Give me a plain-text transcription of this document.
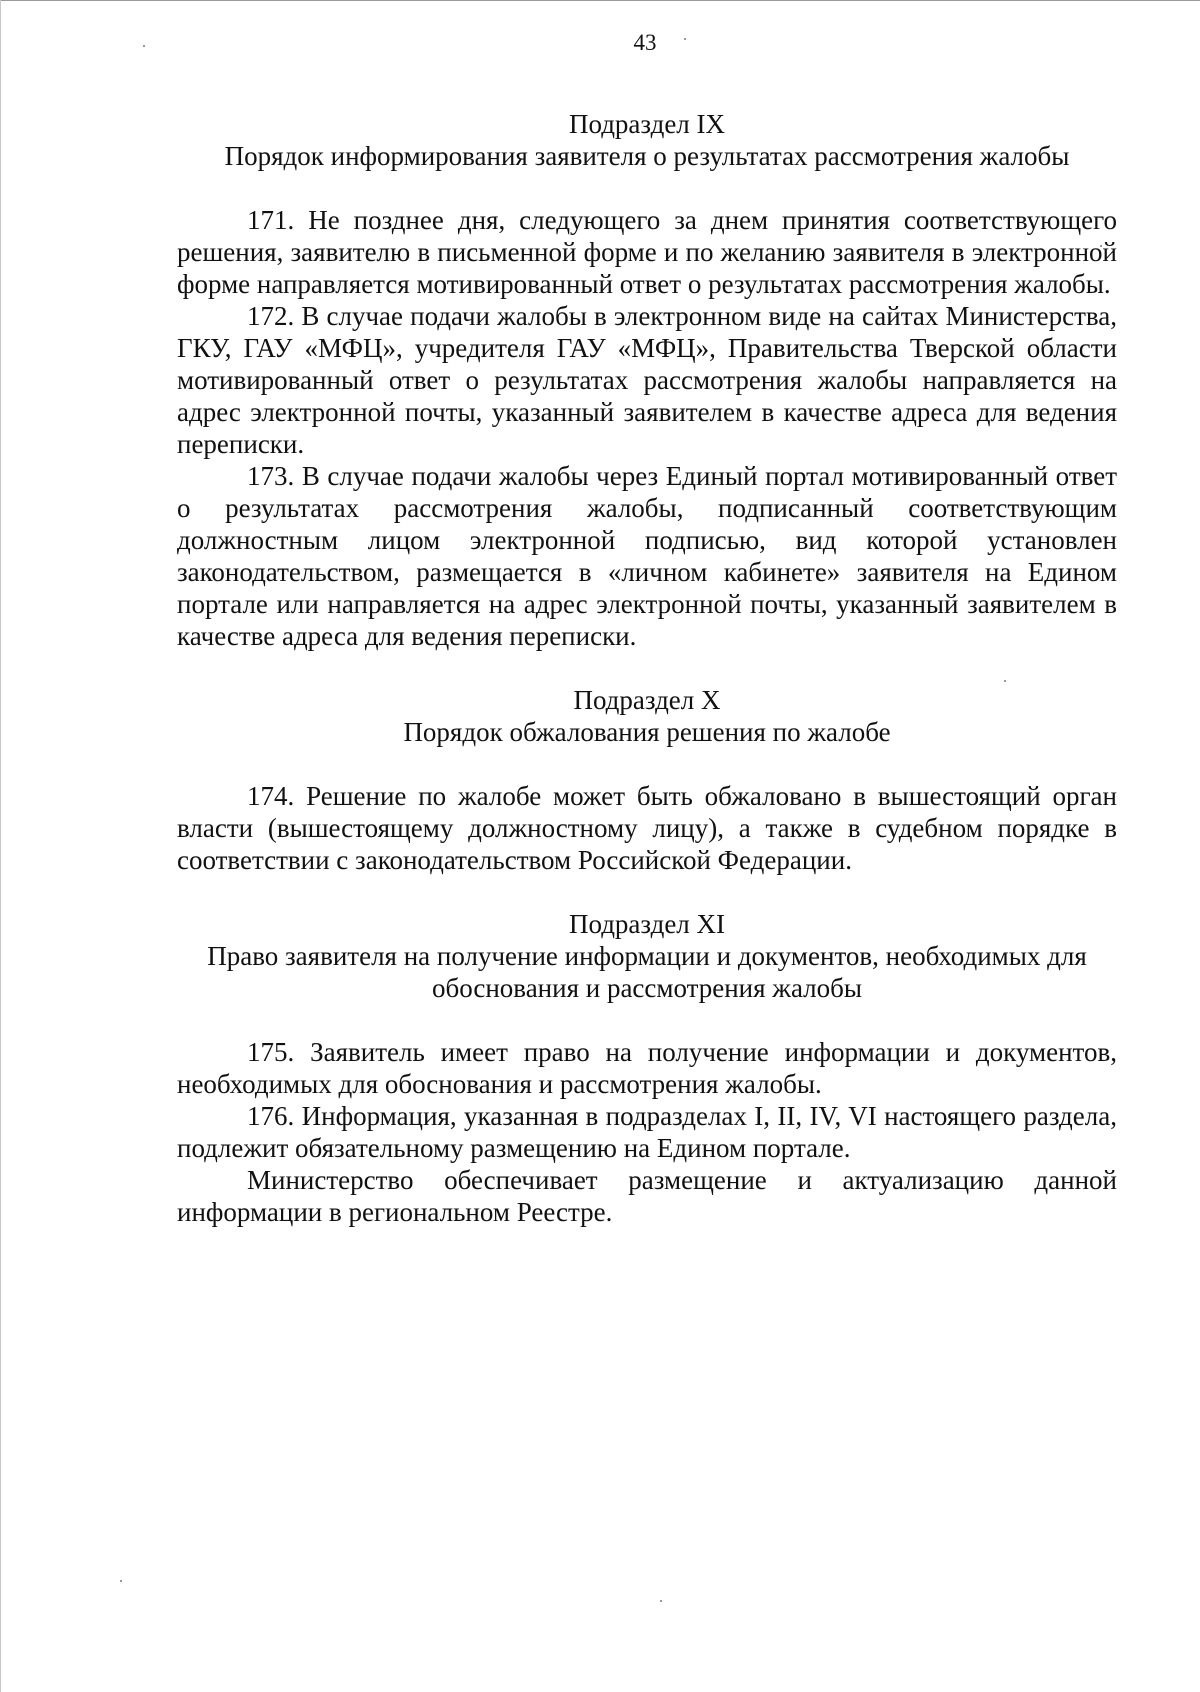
43
Подраздел IX
Порядок информирования заявителя о результатах рассмотрения жалобы

171. Не позднее дня, следующего за днем принятия соответствующего решения, заявителю в письменной форме и по желанию заявителя в электронной форме направляется мотивированный ответ о результатах рассмотрения жалобы.

172. В случае подачи жалобы в электронном виде на сайтах Министерства, ГКУ, ГАУ «МФЦ», учредителя ГАУ «МФЦ», Правительства Тверской области мотивированный ответ о результатах рассмотрения жалобы направляется на адрес электронной почты, указанный заявителем в качестве адреса для ведения переписки.

173. В случае подачи жалобы через Единый портал мотивированный ответ о результатах рассмотрения жалобы, подписанный соответствующим должностным лицом электронной подписью, вид которой установлен законодательством, размещается в «личном кабинете» заявителя на Едином портале или направляется на адрес электронной почты, указанный заявителем в качестве адреса для ведения переписки.

Подраздел X
Порядок обжалования решения по жалобе

174. Решение по жалобе может быть обжаловано в вышестоящий орган власти (вышестоящему должностному лицу), а также в судебном порядке в соответствии с законодательством Российской Федерации.

Подраздел XI
Право заявителя на получение информации и документов, необходимых для обоснования и рассмотрения жалобы

175. Заявитель имеет право на получение информации и документов, необходимых для обоснования и рассмотрения жалобы.

176. Информация, указанная в подразделах I, II, IV, VI настоящего раздела, подлежит обязательному размещению на Едином портале.

Министерство обеспечивает размещение и актуализацию данной информации в региональном Реестре.
